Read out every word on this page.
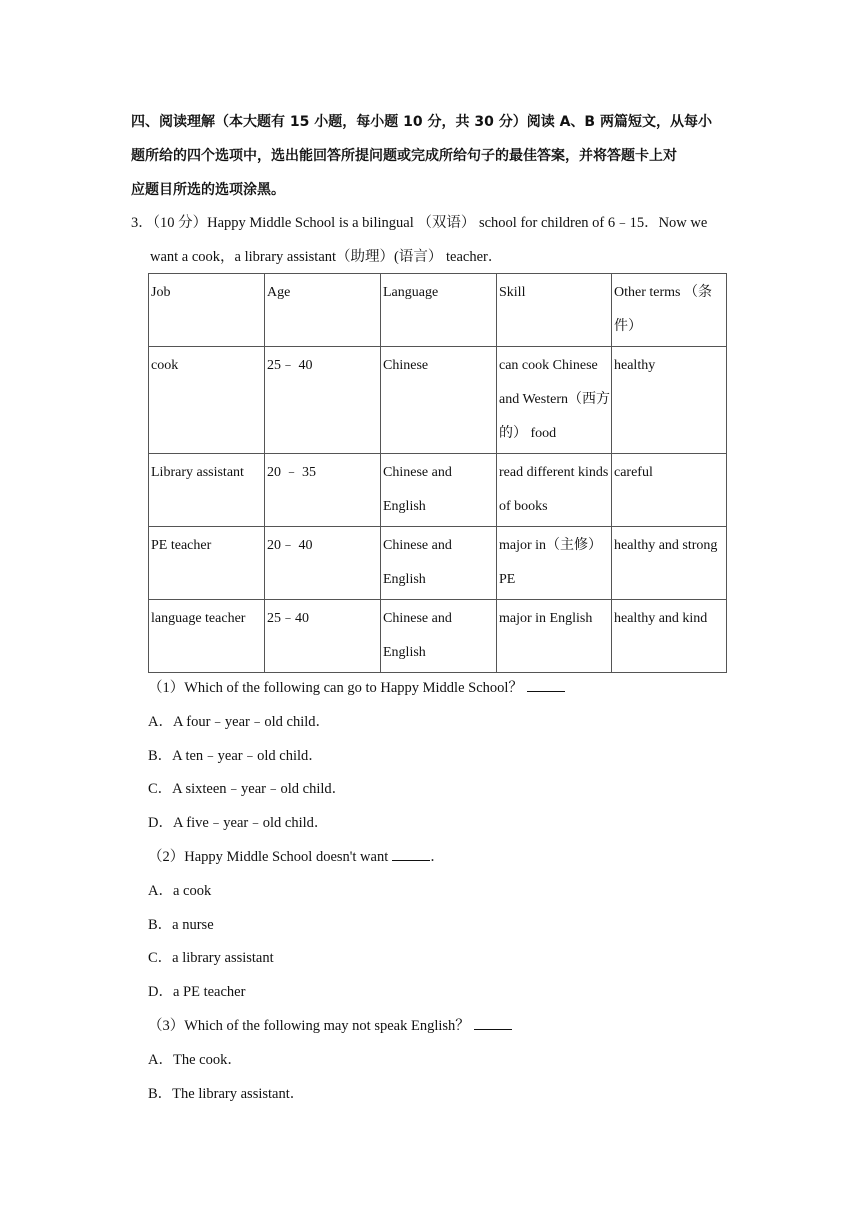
四、阅读理解（本大题有 15 小题，每小题 10 分，共 30 分）阅读 A、B 两篇短文，从每小
题所给的四个选项中，选出能回答所提问题或完成所给句子的最佳答案，并将答题卡上对
应题目所选的选项涂黑。
3．（10 分）Happy Middle School is a bilingual （双语） school for children of 6﹣15．Now we
want a cook，a library assistant（助理）(语言） teacher．
Job	Age	Language	Skill	Other terms （条件）
cook	25﹣ 40	Chinese	can cook Chinese and Western（西方的） food	healthy
Library assistant	20 ﹣ 35	Chinese and English	read different kinds of books	careful
PE teacher	20﹣ 40	Chinese and English	major in（主修）PE	healthy and strong
language teacher	25﹣40	Chinese and English	major in English	healthy and kind
（1）Which of the following can go to Happy Middle School？
A．A four﹣year﹣old child．
B．A ten﹣year﹣old child．
C．A sixteen﹣year﹣old child．
D．A five﹣year﹣old child．
（2）Happy Middle School doesn't want	．
A．a cook
B．a nurse
C．a library assistant
D．a PE teacher
（3）Which of the following may not speak English？
A．The cook．
B．The library assistant．
